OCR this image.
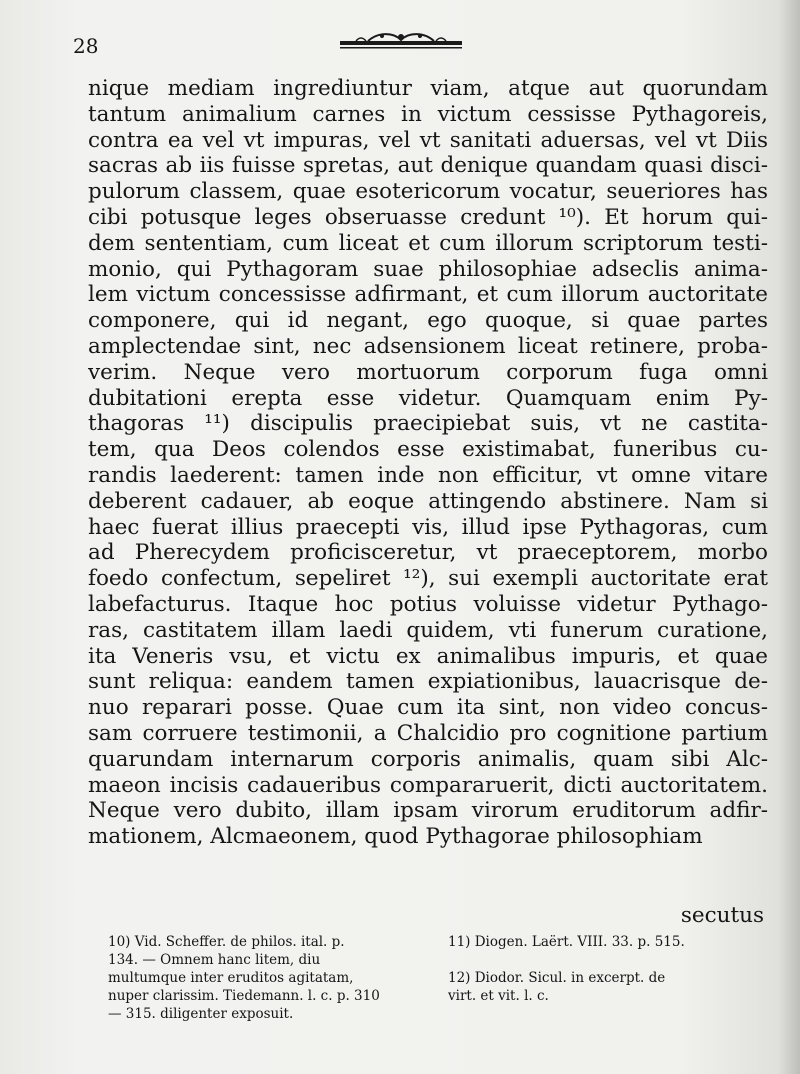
28
nique mediam ingrediuntur viam, atque aut quorundam
tantum animalium carnes in victum cessisse Pythagoreis,
contra ea vel vt impuras, vel vt sanitati aduersas, vel vt Diis
sacras ab iis fuisse spretas, aut denique quandam quasi disci-
pulorum classem, quae esotericorum vocatur, seueriores has
cibi potusque leges obseruasse credunt ¹⁰). Et horum qui-
dem sententiam, cum liceat et cum illorum scriptorum testi-
monio, qui Pythagoram suae philosophiae adseclis anima-
lem victum concessisse adfirmant, et cum illorum auctoritate
componere, qui id negant, ego quoque, si quae partes
amplectendae sint, nec adsensionem liceat retinere, proba-
verim. Neque vero mortuorum corporum fuga omni
dubitationi erepta esse videtur. Quamquam enim Py-
thagoras ¹¹) discipulis praecipiebat suis, vt ne castita-
tem, qua Deos colendos esse existimabat, funeribus cu-
randis laederent: tamen inde non efficitur, vt omne vitare
deberent cadauer, ab eoque attingendo abstinere. Nam si
haec fuerat illius praecepti vis, illud ipse Pythagoras, cum
ad Pherecydem proficisceretur, vt praeceptorem, morbo
foedo confectum, sepeliret ¹²), sui exempli auctoritate erat
labefacturus. Itaque hoc potius voluisse videtur Pythago-
ras, castitatem illam laedi quidem, vti funerum curatione,
ita Veneris vsu, et victu ex animalibus impuris, et quae
sunt reliqua: eandem tamen expiationibus, lauacrisque de-
nuo reparari posse. Quae cum ita sint, non video concus-
sam corruere testimonii, a Chalcidio pro cognitione partium
quarundam internarum corporis animalis, quam sibi Alc-
maeon incisis cadaueribus compararuerit, dicti auctoritatem.
Neque vero dubito, illam ipsam virorum eruditorum adfir-
mationem, Alcmaeonem, quod Pythagorae philosophiam
secutus
10) Vid. Scheffer. de philos. ital. p.
134. — Omnem hanc litem, diu
multumque inter eruditos agitatam,
nuper clarissim. Tiedemann. l. c. p. 310
— 315. diligenter exposuit.
11) Diogen. Laërt. VIII. 33. p. 515.

12) Diodor. Sicul. in excerpt. de
virt. et vit. l. c.
